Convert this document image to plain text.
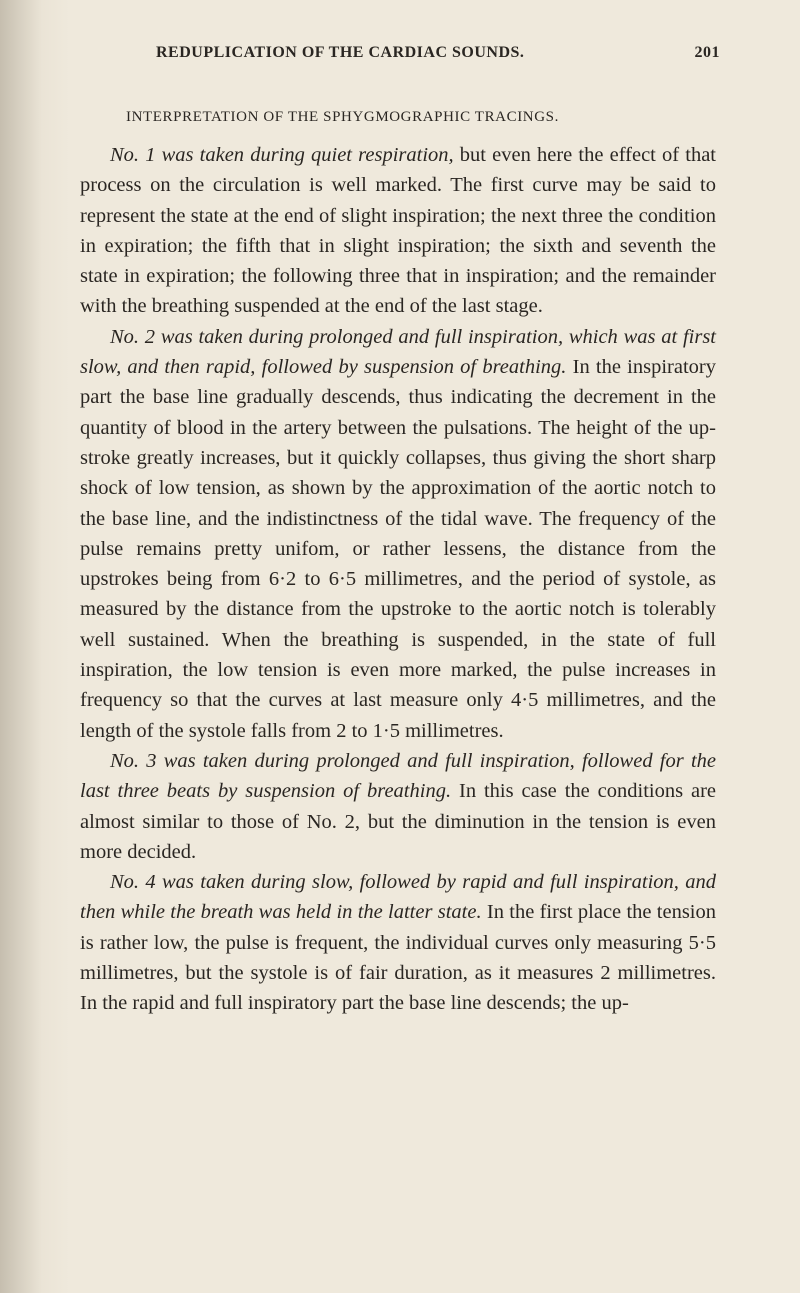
REDUPLICATION OF THE CARDIAC SOUNDS.	201
INTERPRETATION OF THE SPHYGMOGRAPHIC TRACINGS.

No. 1 was taken during quiet respiration, but even here the effect of that process on the circulation is well marked. The first curve may be said to represent the state at the end of slight inspiration; the next three the condition in expiration; the fifth that in slight inspiration; the sixth and seventh the state in expiration; the following three that in inspiration; and the remainder with the breathing suspended at the end of the last stage.

No. 2 was taken during prolonged and full inspiration, which was at first slow, and then rapid, followed by suspension of breathing. In the inspiratory part the base line gradually descends, thus indicating the decrement in the quantity of blood in the artery between the pulsations. The height of the up-stroke greatly increases, but it quickly collapses, thus giving the short sharp shock of low tension, as shown by the approximation of the aortic notch to the base line, and the indistinctness of the tidal wave. The frequency of the pulse remains pretty unifom, or rather lessens, the distance from the upstrokes being from 6·2 to 6·5 millimetres, and the period of systole, as measured by the distance from the upstroke to the aortic notch is tolerably well sustained. When the breathing is suspended, in the state of full inspiration, the low tension is even more marked, the pulse increases in frequency so that the curves at last measure only 4·5 millimetres, and the length of the systole falls from 2 to 1·5 millimetres.

No. 3 was taken during prolonged and full inspiration, followed for the last three beats by suspension of breathing. In this case the conditions are almost similar to those of No. 2, but the diminution in the tension is even more decided.

No. 4 was taken during slow, followed by rapid and full inspiration, and then while the breath was held in the latter state. In the first place the tension is rather low, the pulse is frequent, the individual curves only measuring 5·5 millimetres, but the systole is of fair duration, as it measures 2 millimetres. In the rapid and full inspiratory part the base line descends; the up-
